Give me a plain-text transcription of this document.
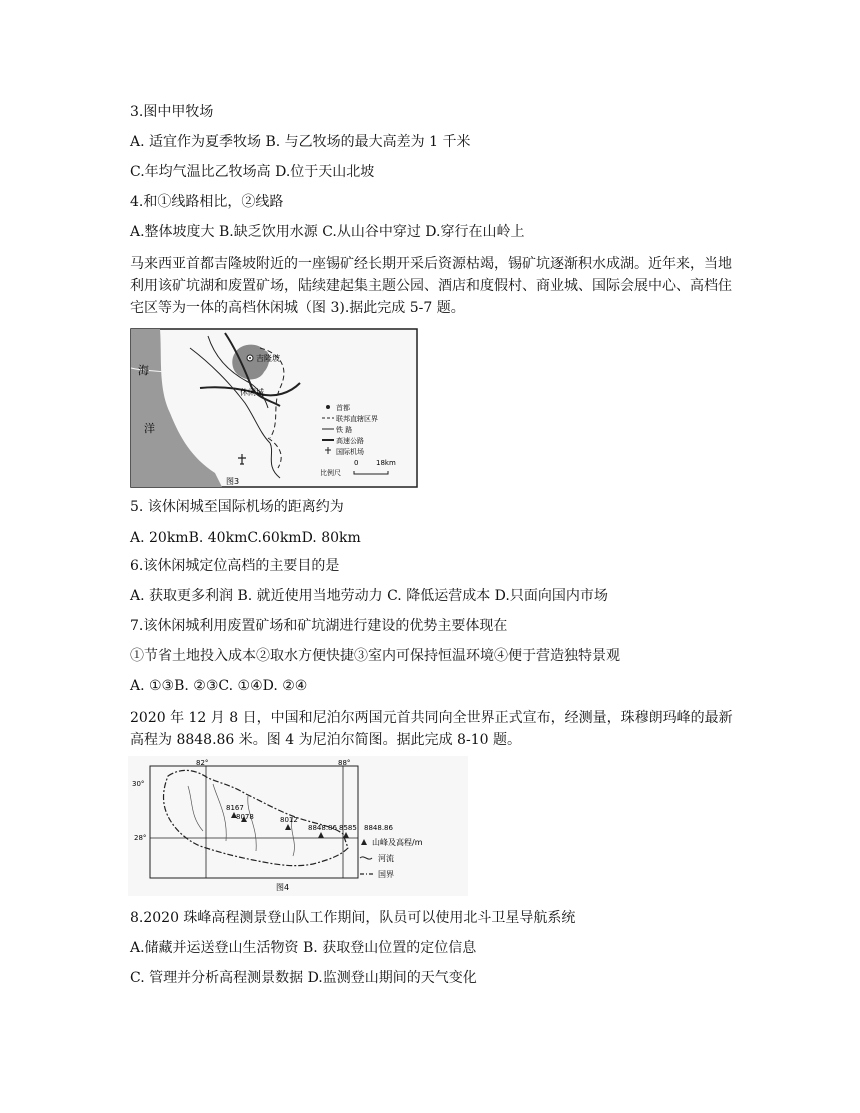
3.图中甲牧场
A. 适宜作为夏季牧场 B. 与乙牧场的最大高差为 1 千米
C.年均气温比乙牧场高 D.位于天山北坡
4.和①线路相比，②线路
A.整体坡度大 B.缺乏饮用水源 C.从山谷中穿过 D.穿行在山岭上
马来西亚首都吉隆坡附近的一座锡矿经长期开采后资源枯竭，锡矿坑逐渐积水成湖。近年来，当地利用该矿坑湖和废置矿场，陆续建起集主题公园、酒店和度假村、商业城、国际会展中心、高档住宅区等为一体的高档休闲城（图 3).据此完成 5-7 题。
海
洋
吉隆坡
休闲城
首都
联邦直辖区界
铁 路
高速公路
国际机场
0	18km
比例尺
图3
5. 该休闲城至国际机场的距离约为
A. 20kmB. 40kmC.60kmD. 80km
6.该休闲城定位高档的主要目的是
A. 获取更多利润 B. 就近使用当地劳动力 C. 降低运营成本 D.只面向国内市场
7.该休闲城利用废置矿场和矿坑湖进行建设的优势主要体现在
①节省土地投入成本②取水方便快捷③室内可保持恒温环境④便于营造独特景观
A. ①③B. ②③C. ①④D. ②④
2020 年 12 月 8 日，中国和尼泊尔两国元首共同向全世界正式宣布，经测量，珠穆朗玛峰的最新高程为 8848.86 米。图 4 为尼泊尔简图。据此完成 8-10 题。
82°	88°
30°
28°
8167
8078	8012
8848.86 8585 8848.86
山峰及高程/m
河流
国界
图4
8.2020 珠峰高程测景登山队工作期间，队员可以使用北斗卫星导航系统
A.储藏并运送登山生活物资 B. 获取登山位置的定位信息
C. 管理并分析高程测景数据 D.监测登山期间的天气变化
